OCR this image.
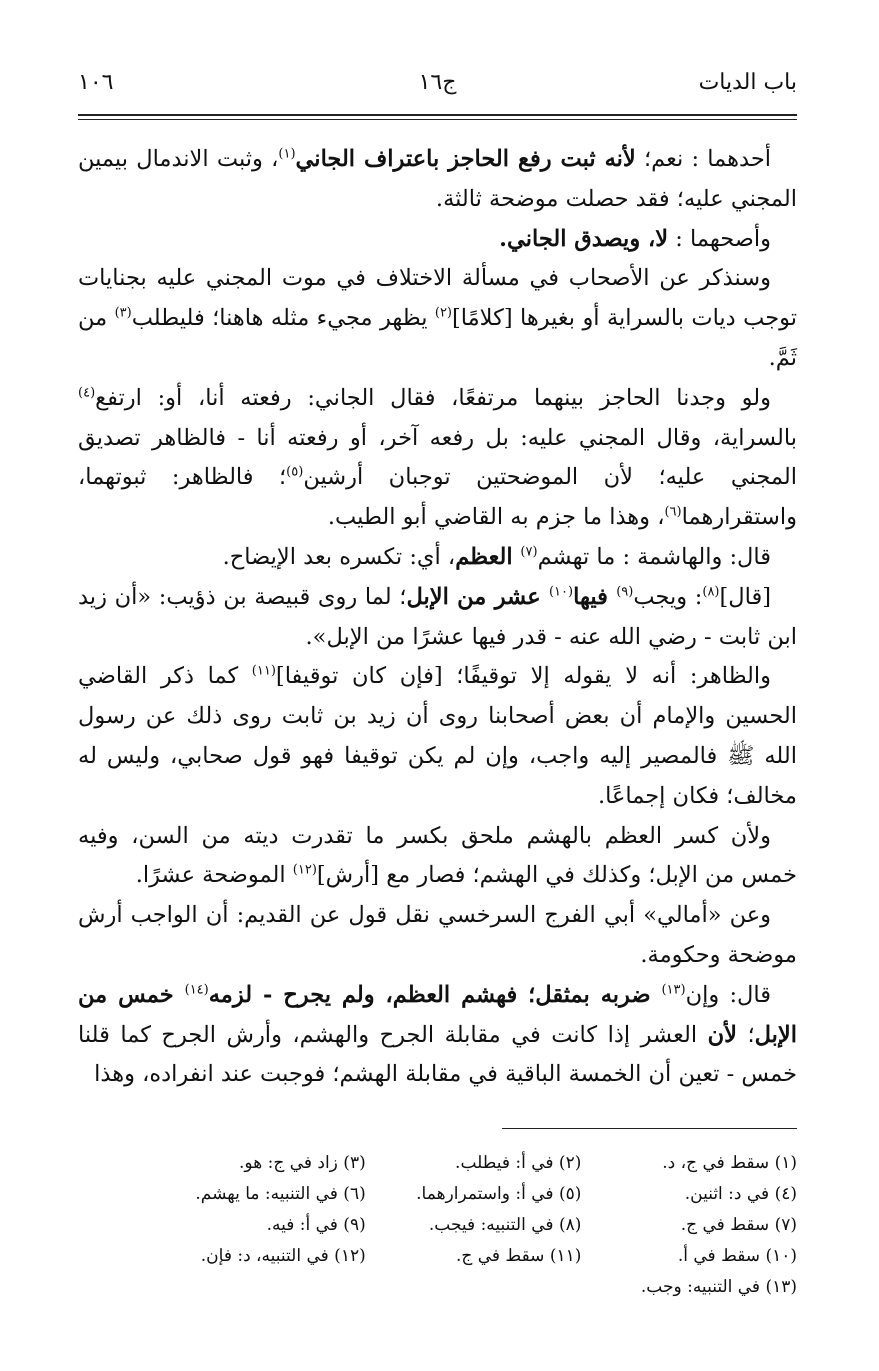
باب الديات
ج١٦
١٠٦

أحدهما : نعم؛ لأنه ثبت رفع الحاجز باعتراف الجاني$^{(١)}$، وثبت الاندمال بيمين المجني عليه؛ فقد حصلت موضحة ثالثة.

وأصحهما : لا، ويصدق الجاني.

وسنذكر عن الأصحاب في مسألة الاختلاف في موت المجني عليه بجنايات توجب ديات بالسراية أو بغيرها [كلامًا]$^{(٢)}$ يظهر مجيء مثله هاهنا؛ فليطلب$^{(٣)}$ من ثَمَّ.

ولو وجدنا الحاجز بينهما مرتفعًا، فقال الجاني: رفعته أنا، أو: ارتفع$^{(٤)}$ بالسراية، وقال المجني عليه: بل رفعه آخر، أو رفعته أنا - فالظاهر تصديق المجني عليه؛ لأن الموضحتين توجبان أرشين$^{(٥)}$؛ فالظاهر: ثبوتهما، واستقرارهما$^{(٦)}$، وهذا ما جزم به القاضي أبو الطيب.

قال: والهاشمة : ما تهشم$^{(٧)}$ العظم، أي: تكسره بعد الإيضاح.

[قال]$^{(٨)}$: ويجب$^{(٩)}$ فيها$^{(١٠)}$ عشر من الإبل؛ لما روى قبيصة بن ذؤيب: «أن زيد ابن ثابت - رضي الله عنه - قدر فيها عشرًا من الإبل».

والظاهر: أنه لا يقوله إلا توقيفًا؛ [فإن كان توقيفا]$^{(١١)}$ كما ذكر القاضي الحسين والإمام أن بعض أصحابنا روى أن زيد بن ثابت روى ذلك عن رسول الله ﷺ فالمصير إليه واجب، وإن لم يكن توقيفا فهو قول صحابي، وليس له مخالف؛ فكان إجماعًا.

ولأن كسر العظم بالهشم ملحق بكسر ما تقدرت ديته من السن، وفيه خمس من الإبل؛ وكذلك في الهشم؛ فصار مع [أرش]$^{(١٢)}$ الموضحة عشرًا.

وعن «أمالي» أبي الفرج السرخسي نقل قول عن القديم: أن الواجب أرش موضحة وحكومة.

قال: وإن$^{(١٣)}$ ضربه بمثقل؛ فهشم العظم، ولم يجرح - لزمه$^{(١٤)}$ خمس من الإبل؛ لأن العشر إذا كانت في مقابلة الجرح والهشم، وأرش الجرح كما قلنا خمس - تعين أن الخمسة الباقية في مقابلة الهشم؛ فوجبت عند انفراده، وهذا

(١) سقط في ج، د.
(٢) في أ: فيطلب.
(٣) زاد في ج: هو.
(٤) في د: اثنين.
(٥) في أ: واستمرارهما.
(٦) في التنبيه: ما يهشم.
(٧) سقط في ج.
(٨) في التنبيه: فيجب.
(٩) في أ: فيه.
(١٠) سقط في أ.
(١١) سقط في ج.
(١٢) في التنبيه، د: فإن.
(١٣) في التنبيه: وجب.
